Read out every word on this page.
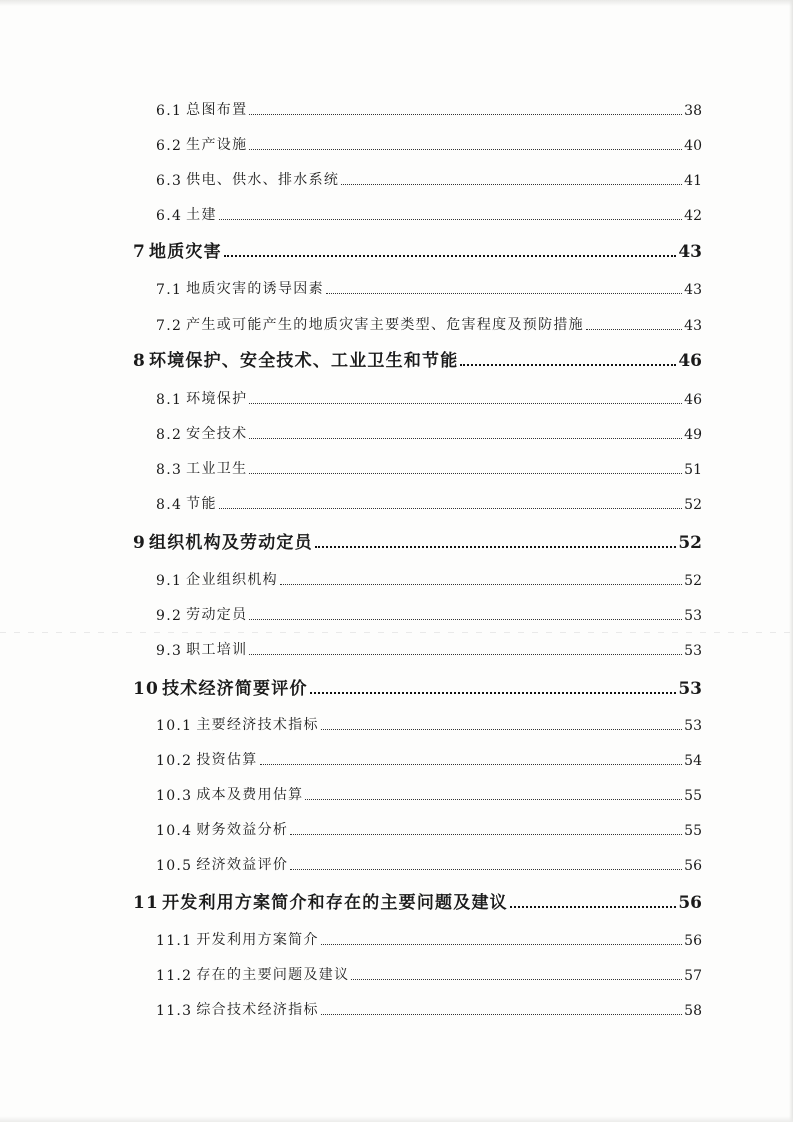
6.1 总图布置	38
6.2 生产设施	40
6.3 供电、供水、排水系统	41
6.4 土建	42
7 地质灾害	43
7.1 地质灾害的诱导因素	43
7.2 产生或可能产生的地质灾害主要类型、危害程度及预防措施	43
8 环境保护、安全技术、工业卫生和节能	46
8.1 环境保护	46
8.2 安全技术	49
8.3 工业卫生	51
8.4 节能	52
9 组织机构及劳动定员	52
9.1 企业组织机构	52
9.2 劳动定员	53
9.3 职工培训	53
10 技术经济简要评价	53
10.1 主要经济技术指标	53
10.2 投资估算	54
10.3 成本及费用估算	55
10.4 财务效益分析	55
10.5 经济效益评价	56
11 开发利用方案简介和存在的主要问题及建议	56
11.1 开发利用方案简介	56
11.2 存在的主要问题及建议	57
11.3 综合技术经济指标	58
